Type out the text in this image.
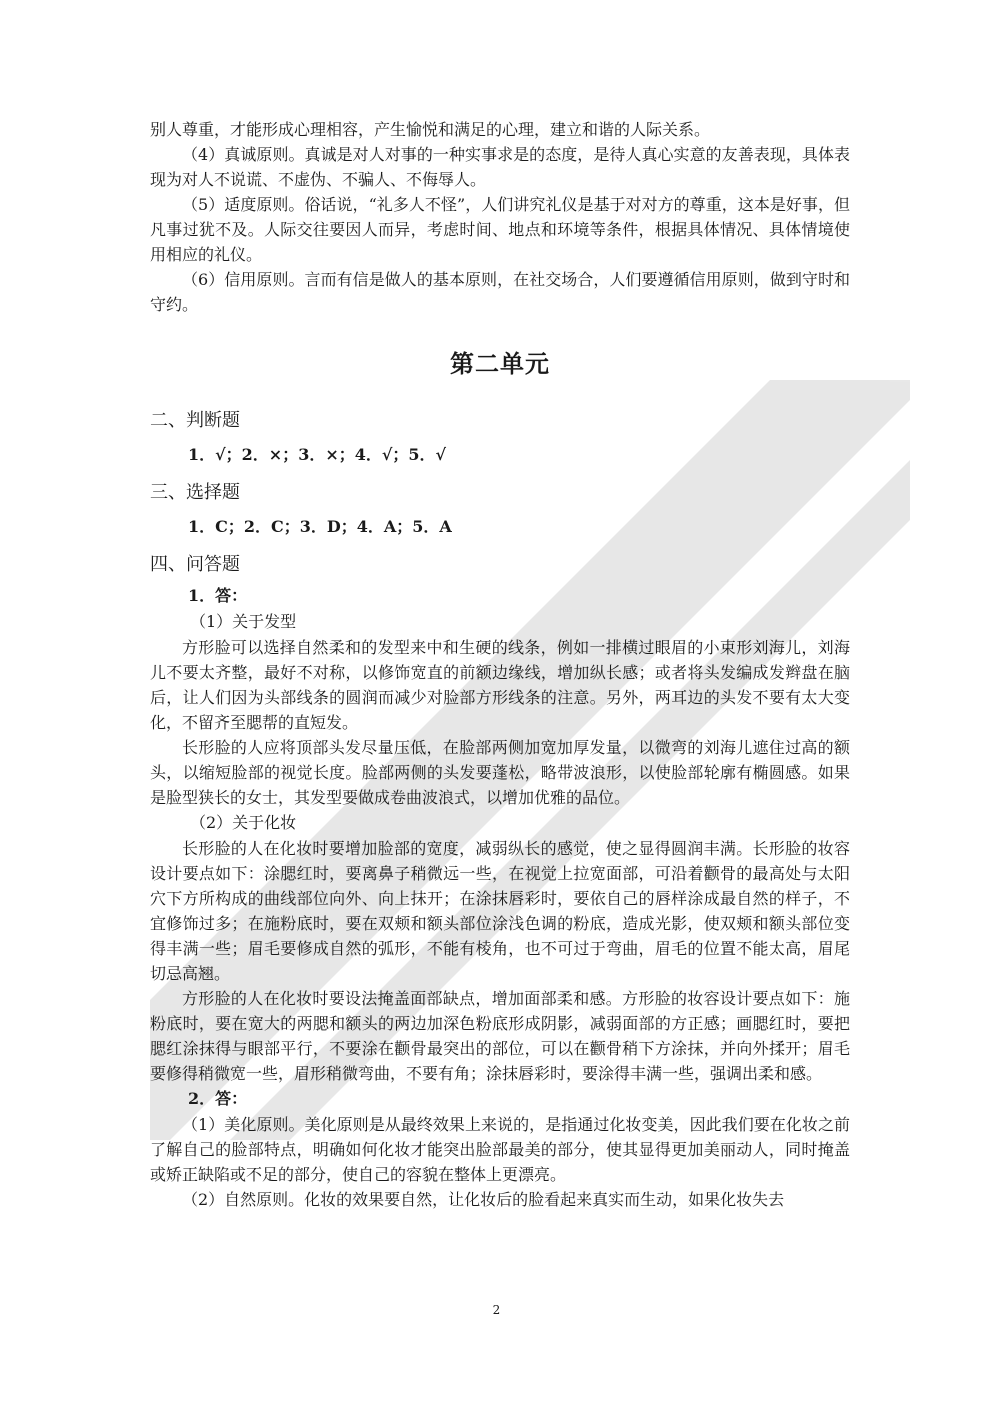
别人尊重，才能形成心理相容，产生愉悦和满足的心理，建立和谐的人际关系。

（4）真诚原则。真诚是对人对事的一种实事求是的态度，是待人真心实意的友善表现，具体表现为对人不说谎、不虚伪、不骗人、不侮辱人。

（5）适度原则。俗话说，“礼多人不怪”，人们讲究礼仪是基于对对方的尊重，这本是好事，但凡事过犹不及。人际交往要因人而异，考虑时间、地点和环境等条件，根据具体情况、具体情境使用相应的礼仪。

（6）信用原则。言而有信是做人的基本原则，在社交场合，人们要遵循信用原则，做到守时和守约。

第二单元
二、判断题
1．√；2．×；3．×；4．√；5．√
三、选择题
1．C；2．C；3．D；4．A；5．A
四、问答题
1．答：
（1）关于发型

方形脸可以选择自然柔和的发型来中和生硬的线条，例如一排横过眼眉的小束形刘海儿，刘海儿不要太齐整，最好不对称，以修饰宽直的前额边缘线，增加纵长感；或者将头发编成发辫盘在脑后，让人们因为头部线条的圆润而减少对脸部方形线条的注意。另外，两耳边的头发不要有太大变化，不留齐至腮帮的直短发。

长形脸的人应将顶部头发尽量压低，在脸部两侧加宽加厚发量，以微弯的刘海儿遮住过高的额头，以缩短脸部的视觉长度。脸部两侧的头发要蓬松，略带波浪形，以使脸部轮廓有椭圆感。如果是脸型狭长的女士，其发型要做成卷曲波浪式，以增加优雅的品位。

（2）关于化妆

长形脸的人在化妆时要增加脸部的宽度，减弱纵长的感觉，使之显得圆润丰满。长形脸的妆容设计要点如下：涂腮红时，要离鼻子稍微远一些，在视觉上拉宽面部，可沿着颧骨的最高处与太阳穴下方所构成的曲线部位向外、向上抹开；在涂抹唇彩时，要依自己的唇样涂成最自然的样子，不宜修饰过多；在施粉底时，要在双颊和额头部位涂浅色调的粉底，造成光影，使双颊和额头部位变得丰满一些；眉毛要修成自然的弧形，不能有棱角，也不可过于弯曲，眉毛的位置不能太高，眉尾切忌高翘。

方形脸的人在化妆时要设法掩盖面部缺点，增加面部柔和感。方形脸的妆容设计要点如下：施粉底时，要在宽大的两腮和额头的两边加深色粉底形成阴影，减弱面部的方正感；画腮红时，要把腮红涂抹得与眼部平行，不要涂在颧骨最突出的部位，可以在颧骨稍下方涂抹，并向外揉开；眉毛要修得稍微宽一些，眉形稍微弯曲，不要有角；涂抹唇彩时，要涂得丰满一些，强调出柔和感。

2．答：

（1）美化原则。美化原则是从最终效果上来说的，是指通过化妆变美，因此我们要在化妆之前了解自己的脸部特点，明确如何化妆才能突出脸部最美的部分，使其显得更加美丽动人，同时掩盖或矫正缺陷或不足的部分，使自己的容貌在整体上更漂亮。

（2）自然原则。化妆的效果要自然，让化妆后的脸看起来真实而生动，如果化妆失去

2
